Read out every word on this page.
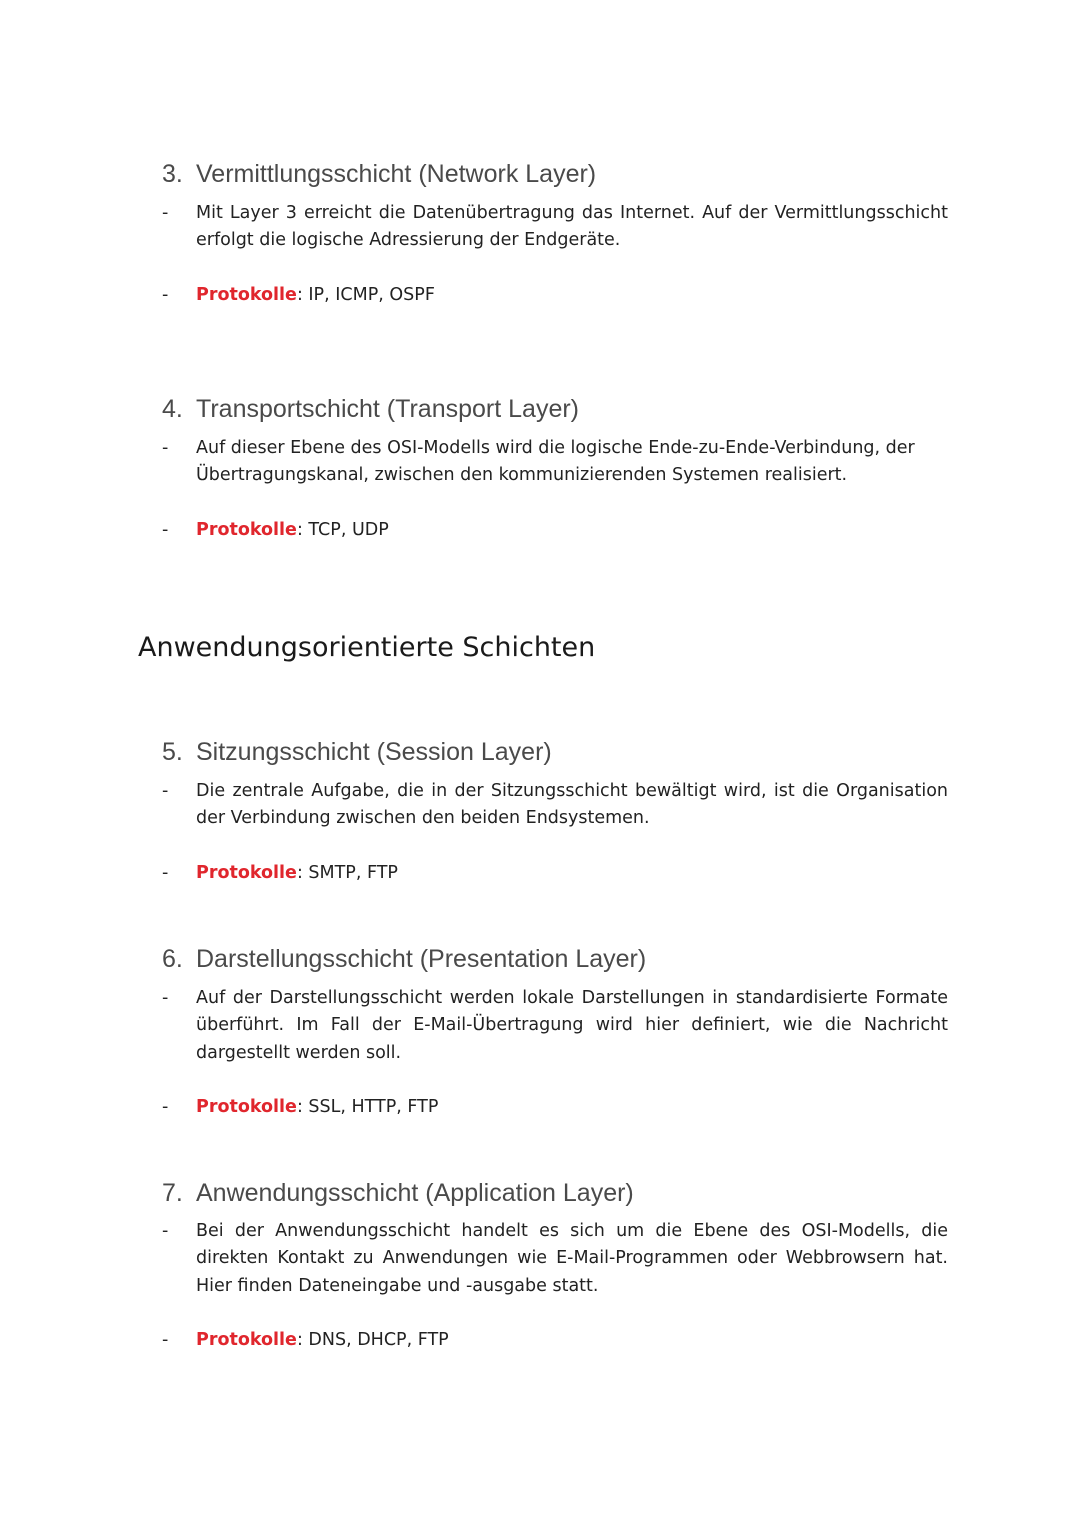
3. Vermittlungsschicht (Network Layer)
-	Mit Layer 3 erreicht die Datenübertragung das Internet. Auf der Vermittlungsschicht erfolgt die logische Adressierung der Endgeräte.
-	Protokolle: IP, ICMP, OSPF
4. Transportschicht (Transport Layer)
-	Auf dieser Ebene des OSI-Modells wird die logische Ende-zu-Ende-Verbindung, der Übertragungskanal, zwischen den kommunizierenden Systemen realisiert.
-	Protokolle: TCP, UDP
Anwendungsorientierte Schichten
5. Sitzungsschicht (Session Layer)
-	Die zentrale Aufgabe, die in der Sitzungsschicht bewältigt wird, ist die Organisation der Verbindung zwischen den beiden Endsystemen.
-	Protokolle: SMTP, FTP
6. Darstellungsschicht (Presentation Layer)
-	Auf der Darstellungsschicht werden lokale Darstellungen in standardisierte Formate überführt. Im Fall der E-Mail-Übertragung wird hier definiert, wie die Nachricht dargestellt werden soll.
-	Protokolle: SSL, HTTP, FTP
7. Anwendungsschicht (Application Layer)
-	Bei der Anwendungsschicht handelt es sich um die Ebene des OSI-Modells, die direkten Kontakt zu Anwendungen wie E-Mail-Programmen oder Webbrowsern hat. Hier finden Dateneingabe und -ausgabe statt.
-	Protokolle: DNS, DHCP, FTP
